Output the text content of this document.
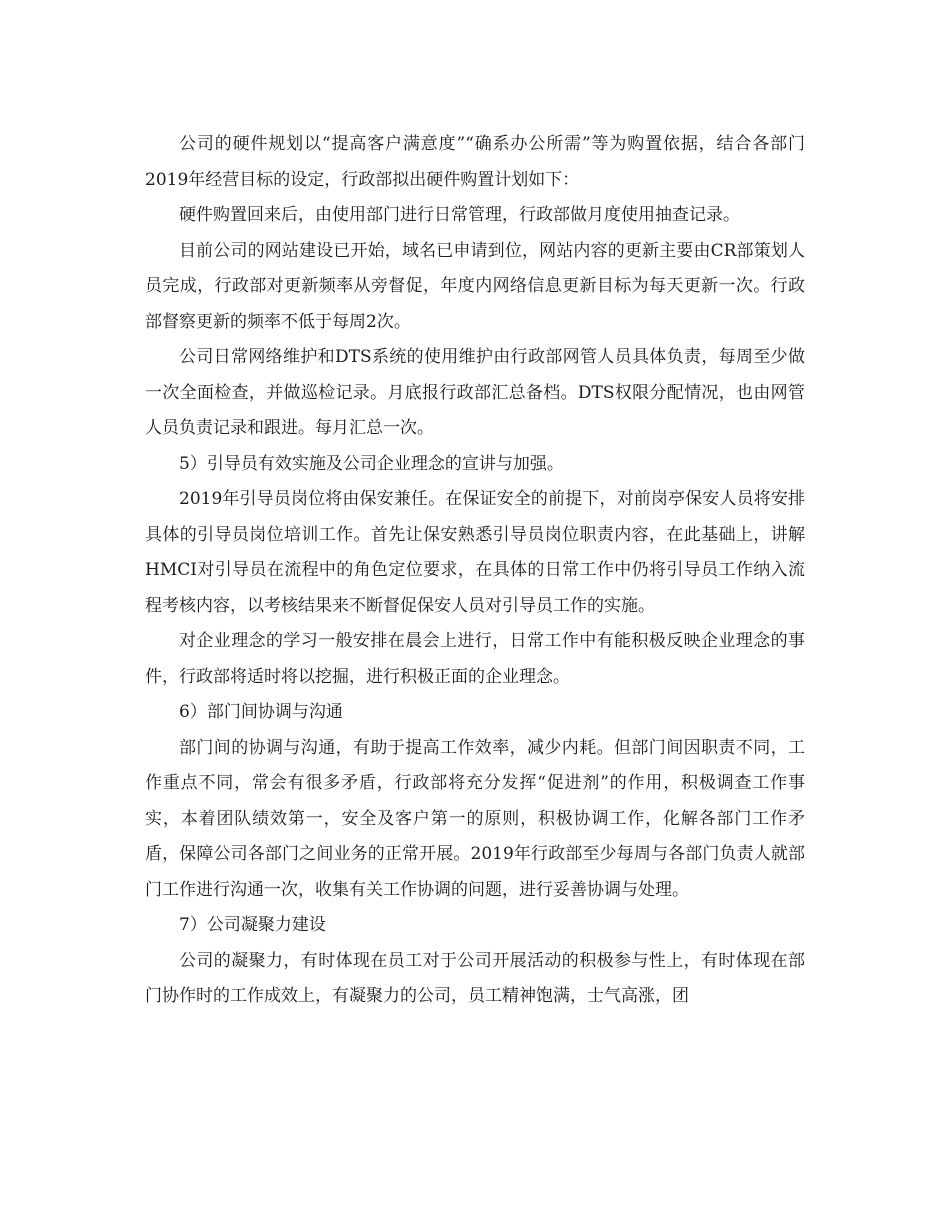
公司的硬件规划以“提高客户满意度”“确系办公所需”等为购置依据，结合各部门2019年经营目标的设定，行政部拟出硬件购置计划如下：

硬件购置回来后，由使用部门进行日常管理，行政部做月度使用抽查记录。

目前公司的网站建设已开始，域名已申请到位，网站内容的更新主要由CR部策划人员完成，行政部对更新频率从旁督促，年度内网络信息更新目标为每天更新一次。行政部督察更新的频率不低于每周2次。

公司日常网络维护和DTS系统的使用维护由行政部网管人员具体负责，每周至少做一次全面检查，并做巡检记录。月底报行政部汇总备档。DTS权限分配情况，也由网管人员负责记录和跟进。每月汇总一次。

5）引导员有效实施及公司企业理念的宣讲与加强。

2019年引导员岗位将由保安兼任。在保证安全的前提下，对前岗亭保安人员将安排具体的引导员岗位培训工作。首先让保安熟悉引导员岗位职责内容，在此基础上，讲解HMCI对引导员在流程中的角色定位要求，在具体的日常工作中仍将引导员工作纳入流程考核内容，以考核结果来不断督促保安人员对引导员工作的实施。

对企业理念的学习一般安排在晨会上进行，日常工作中有能积极反映企业理念的事件，行政部将适时将以挖掘，进行积极正面的企业理念。

6）部门间协调与沟通

部门间的协调与沟通，有助于提高工作效率，减少内耗。但部门间因职责不同，工作重点不同，常会有很多矛盾，行政部将充分发挥“促进剂”的作用，积极调查工作事实，本着团队绩效第一，安全及客户第一的原则，积极协调工作，化解各部门工作矛盾，保障公司各部门之间业务的正常开展。2019年行政部至少每周与各部门负责人就部门工作进行沟通一次，收集有关工作协调的问题，进行妥善协调与处理。

7）公司凝聚力建设

公司的凝聚力，有时体现在员工对于公司开展活动的积极参与性上，有时体现在部门协作时的工作成效上，有凝聚力的公司，员工精神饱满，士气高涨，团
